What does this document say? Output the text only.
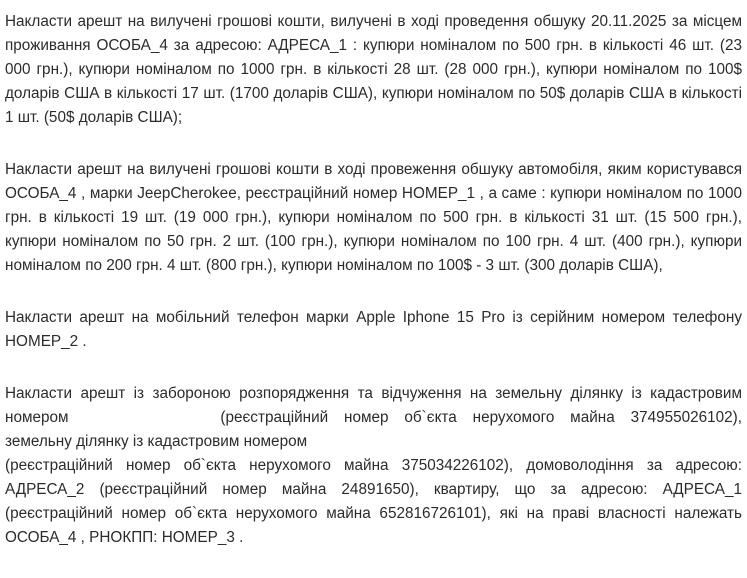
Накласти арешт на вилучені грошові кошти, вилучені в ході проведення обшуку 20.11.2025 за місцем проживання ОСОБА_4 за адресою: АДРЕСА_1 : купюри номіналом по 500 грн. в кількості 46 шт. (23 000 грн.), купюри номіналом по 1000 грн. в кількості 28 шт. (28 000 грн.), купюри номіналом по 100$ доларів США в кількості 17 шт. (1700 доларів США), купюри номіналом по 50$ доларів США в кількості 1 шт. (50$ доларів США);

Накласти арешт на вилучені грошові кошти в ході провеження обшуку автомобіля, яким користувався ОСОБА_4 , марки JeepCherokee, реєстраційний номер НОМЕР_1 , а саме : купюри номіналом по 1000 грн. в кількості 19 шт. (19 000 грн.), купюри номіналом по 500 грн. в кількості 31 шт. (15 500 грн.), купюри номіналом по 50 грн. 2 шт. (100 грн.), купюри номіналом по 100 грн. 4 шт. (400 грн.), купюри номіналом по 200 грн. 4 шт. (800 грн.), купюри номіналом по 100$ - 3 шт. (300 доларів США),

Накласти арешт на мобільний телефон марки Apple Iphone 15 Pro із серійним номером телефону НОМЕР_2 .

Накласти арешт із забороною розпорядження та відчуження на земельну ділянку із кадастровим номером	(реєстраційний номер об`єкта нерухомого майна 374955026102), земельну ділянку із кадастровим номером
(реєстраційний номер об`єкта нерухомого майна 375034226102), домоволодіння за адресою: АДРЕСА_2 (реєстраційний номер майна 24891650), квартиру, що за адресою: АДРЕСА_1 (реєстраційний номер об`єкта нерухомого майна 652816726101), які на праві власності належать ОСОБА_4 , РНОКПП: НОМЕР_3 .
